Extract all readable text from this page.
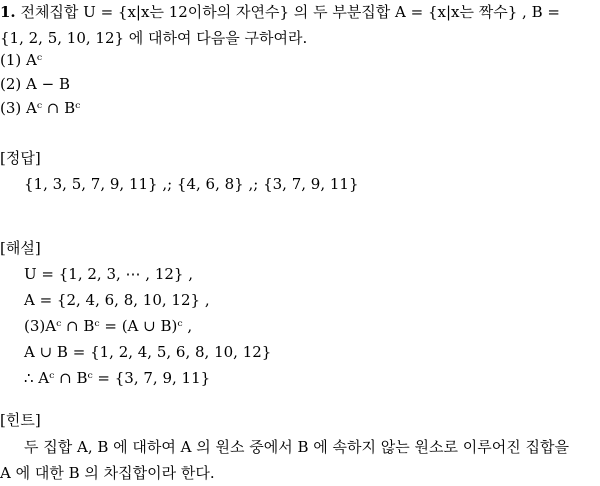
1. 전체집합 U = {x|x는 12이하의 자연수} 의 두 부분집합 A = {x|x는 짝수} , B =
{1, 2, 5, 10, 12} 에 대하여 다음을 구하여라.
(1) Aᶜ
(2) A − B
(3) Aᶜ ∩ Bᶜ
[정답]
{1, 3, 5, 7, 9, 11} ,; {4, 6, 8} ,; {3, 7, 9, 11}
[해설]
U = {1, 2, 3, ⋯ , 12} ,
A = {2, 4, 6, 8, 10, 12} ,
(3)Aᶜ ∩ Bᶜ = (A ∪ B)ᶜ ,
A ∪ B = {1, 2, 4, 5, 6, 8, 10, 12}
∴ Aᶜ ∩ Bᶜ = {3, 7, 9, 11}
[힌트]
두 집합 A, B 에 대하여 A 의 원소 중에서 B 에 속하지 않는 원소로 이루어진 집합을 A 에 대한 B 의 차집합이라 한다.
